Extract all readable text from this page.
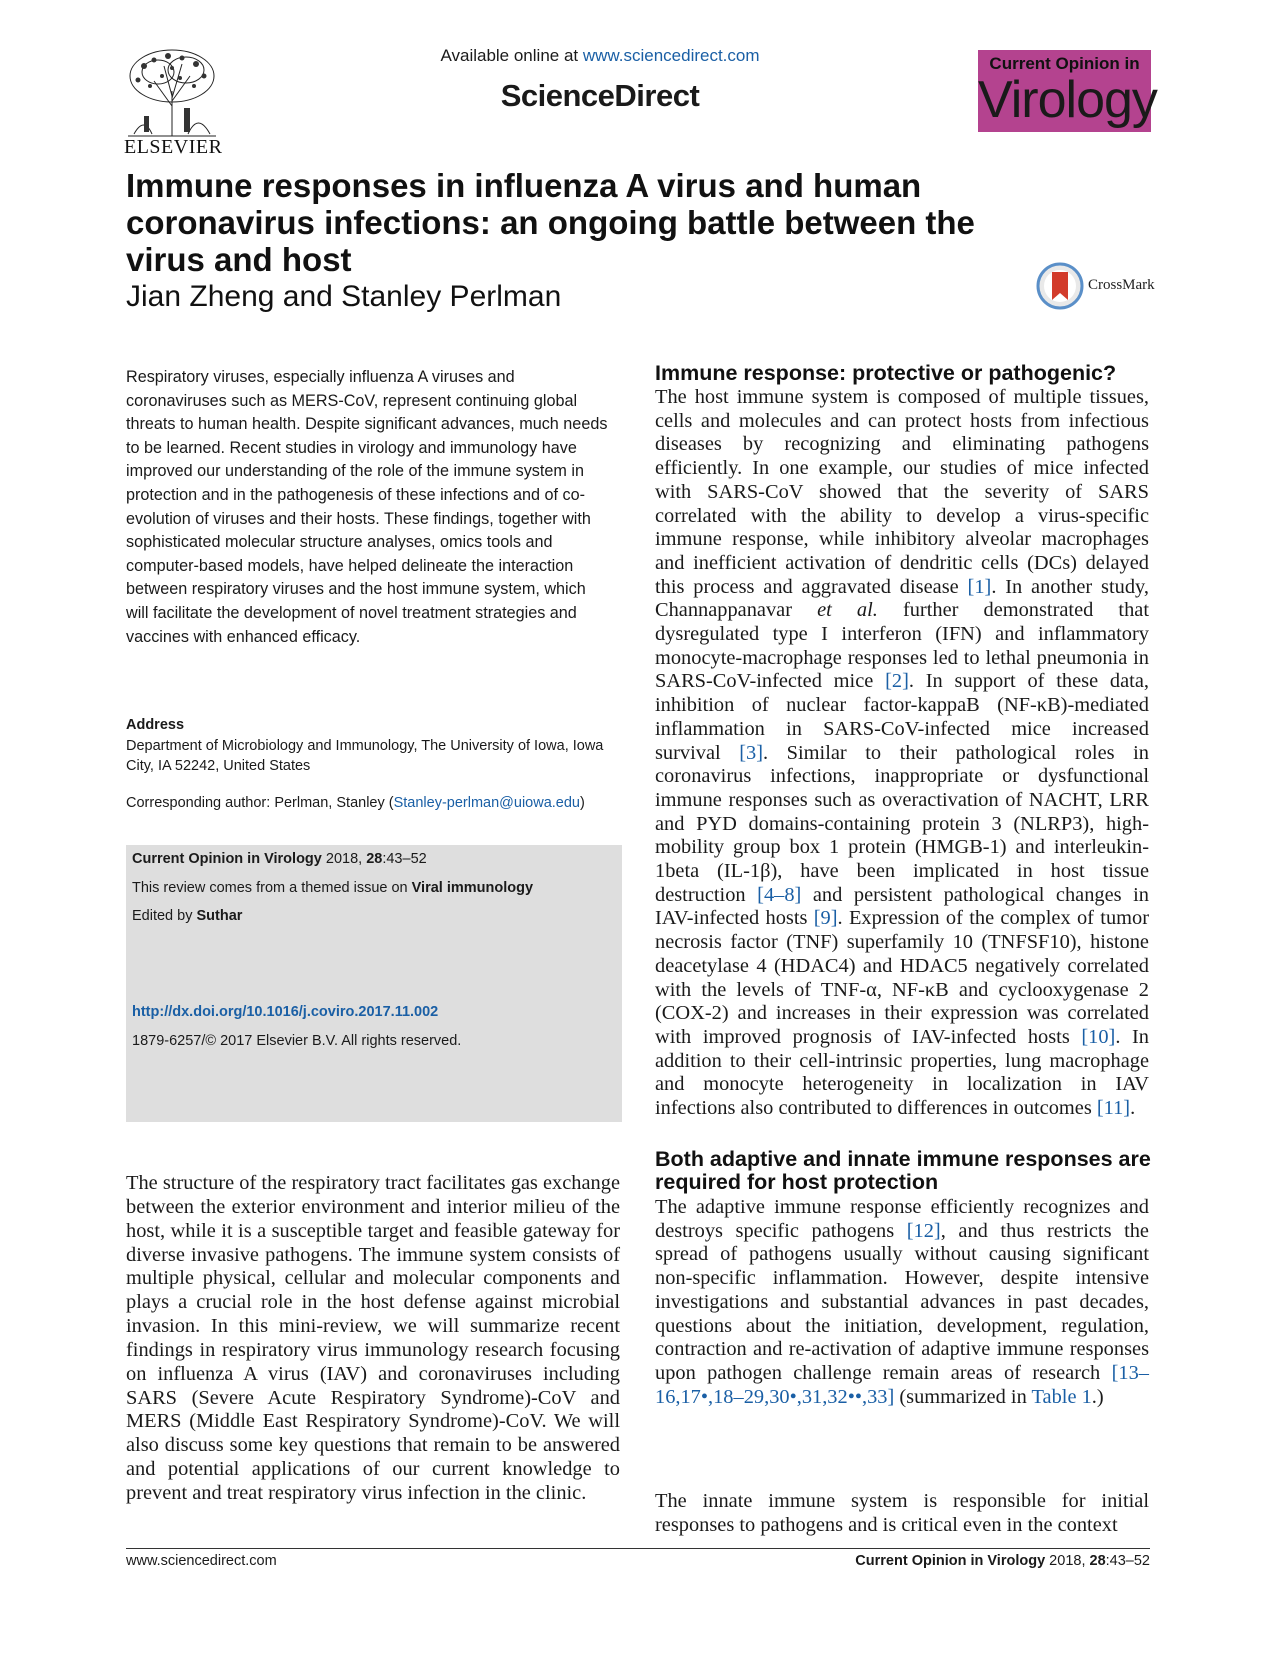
ELSEVIER
Available online at www.sciencedirect.com
ScienceDirect
Current Opinion in
Virology
Immune responses in influenza A virus and human coronavirus infections: an ongoing battle between the virus and host
Jian Zheng and Stanley Perlman	CrossMark
Respiratory viruses, especially influenza A viruses and coronaviruses such as MERS-CoV, represent continuing global threats to human health. Despite significant advances, much needs to be learned. Recent studies in virology and immunology have improved our understanding of the role of the immune system in protection and in the pathogenesis of these infections and of co-evolution of viruses and their hosts. These findings, together with sophisticated molecular structure analyses, omics tools and computer-based models, have helped delineate the interaction between respiratory viruses and the host immune system, which will facilitate the development of novel treatment strategies and vaccines with enhanced efficacy.
Address
Department of Microbiology and Immunology, The University of Iowa, Iowa City, IA 52242, United States
Corresponding author: Perlman, Stanley (Stanley-perlman@uiowa.edu)
Current Opinion in Virology 2018, 28:43–52
This review comes from a themed issue on Viral immunology
Edited by Suthar
http://dx.doi.org/10.1016/j.coviro.2017.11.002
1879-6257/© 2017 Elsevier B.V. All rights reserved.
The structure of the respiratory tract facilitates gas exchange between the exterior environment and interior milieu of the host, while it is a susceptible target and feasible gateway for diverse invasive pathogens. The immune system consists of multiple physical, cellular and molecular components and plays a crucial role in the host defense against microbial invasion. In this mini-review, we will summarize recent findings in respiratory virus immunology research focusing on influenza A virus (IAV) and coronaviruses including SARS (Severe Acute Respiratory Syndrome)-CoV and MERS (Middle East Respiratory Syndrome)-CoV. We will also discuss some key questions that remain to be answered and potential applications of our current knowledge to prevent and treat respiratory virus infection in the clinic.
Immune response: protective or pathogenic?
The host immune system is composed of multiple tissues, cells and molecules and can protect hosts from infectious diseases by recognizing and eliminating pathogens efficiently. In one example, our studies of mice infected with SARS-CoV showed that the severity of SARS correlated with the ability to develop a virus-specific immune response, while inhibitory alveolar macrophages and inefficient activation of dendritic cells (DCs) delayed this process and aggravated disease [1]. In another study, Channappanavar et al. further demonstrated that dysregulated type I interferon (IFN) and inflammatory monocyte-macrophage responses led to lethal pneumonia in SARS-CoV-infected mice [2]. In support of these data, inhibition of nuclear factor-kappaB (NF-κB)-mediated inflammation in SARS-CoV-infected mice increased survival [3]. Similar to their pathological roles in coronavirus infections, inappropriate or dysfunctional immune responses such as overactivation of NACHT, LRR and PYD domains-containing protein 3 (NLRP3), high-mobility group box 1 protein (HMGB-1) and interleukin-1beta (IL-1β), have been implicated in host tissue destruction [4–8] and persistent pathological changes in IAV-infected hosts [9]. Expression of the complex of tumor necrosis factor (TNF) superfamily 10 (TNFSF10), histone deacetylase 4 (HDAC4) and HDAC5 negatively correlated with the levels of TNF-α, NF-κB and cyclooxygenase 2 (COX-2) and increases in their expression was correlated with improved prognosis of IAV-infected hosts [10]. In addition to their cell-intrinsic properties, lung macrophage and monocyte heterogeneity in localization in IAV infections also contributed to differences in outcomes [11].
Both adaptive and innate immune responses are required for host protection
The adaptive immune response efficiently recognizes and destroys specific pathogens [12], and thus restricts the spread of pathogens usually without causing significant non-specific inflammation. However, despite intensive investigations and substantial advances in past decades, questions about the initiation, development, regulation, contraction and re-activation of adaptive immune responses upon pathogen challenge remain areas of research [13–16,17•,18–29,30•,31,32••,33] (summarized in Table 1.)
The innate immune system is responsible for initial responses to pathogens and is critical even in the context
www.sciencedirect.com	Current Opinion in Virology 2018, 28:43–52
